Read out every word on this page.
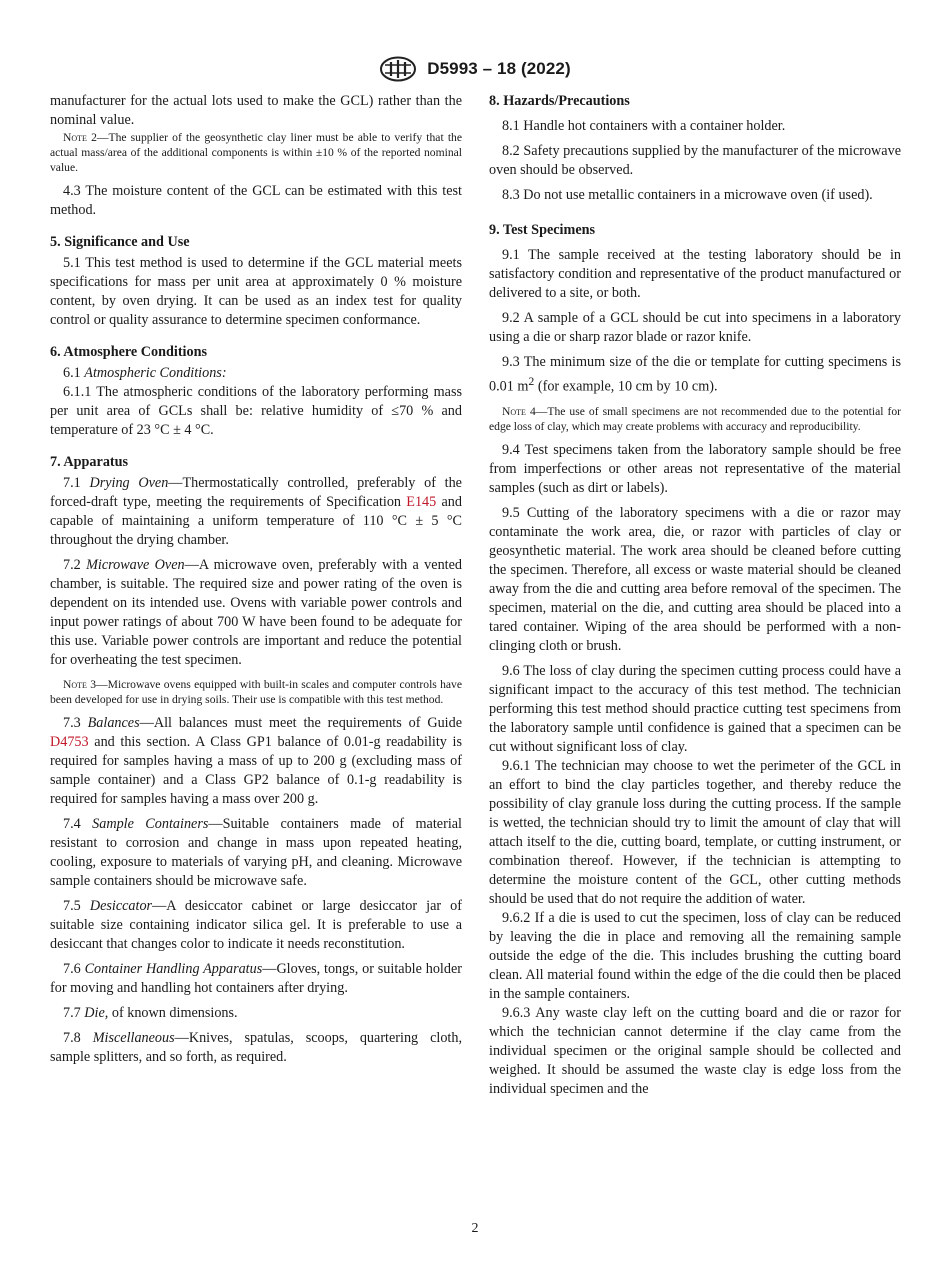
D5993 – 18 (2022)

manufacturer for the actual lots used to make the GCL) rather than the nominal value.

Note 2—The supplier of the geosynthetic clay liner must be able to verify that the actual mass/area of the additional components is within ±10 % of the reported nominal value.

4.3 The moisture content of the GCL can be estimated with this test method.

5. Significance and Use

5.1 This test method is used to determine if the GCL material meets specifications for mass per unit area at approximately 0 % moisture content, by oven drying. It can be used as an index test for quality control or quality assurance to determine specimen conformance.

6. Atmosphere Conditions

6.1 Atmospheric Conditions:

6.1.1 The atmospheric conditions of the laboratory performing mass per unit area of GCLs shall be: relative humidity of ≤70 % and temperature of 23 °C ± 4 °C.

7. Apparatus

7.1 Drying Oven—Thermostatically controlled, preferably of the forced-draft type, meeting the requirements of Specification E145 and capable of maintaining a uniform temperature of 110 °C ± 5 °C throughout the drying chamber.

7.2 Microwave Oven—A microwave oven, preferably with a vented chamber, is suitable. The required size and power rating of the oven is dependent on its intended use. Ovens with variable power controls and input power ratings of about 700 W have been found to be adequate for this use. Variable power controls are important and reduce the potential for overheating the test specimen.

Note 3—Microwave ovens equipped with built-in scales and computer controls have been developed for use in drying soils. Their use is compatible with this test method.

7.3 Balances—All balances must meet the requirements of Guide D4753 and this section. A Class GP1 balance of 0.01-g readability is required for samples having a mass of up to 200 g (excluding mass of sample container) and a Class GP2 balance of 0.1-g readability is required for samples having a mass over 200 g.

7.4 Sample Containers—Suitable containers made of material resistant to corrosion and change in mass upon repeated heating, cooling, exposure to materials of varying pH, and cleaning. Microwave sample containers should be microwave safe.

7.5 Desiccator—A desiccator cabinet or large desiccator jar of suitable size containing indicator silica gel. It is preferable to use a desiccant that changes color to indicate it needs reconstitution.

7.6 Container Handling Apparatus—Gloves, tongs, or suitable holder for moving and handling hot containers after drying.

7.7 Die, of known dimensions.

7.8 Miscellaneous—Knives, spatulas, scoops, quartering cloth, sample splitters, and so forth, as required.

8. Hazards/Precautions

8.1 Handle hot containers with a container holder.

8.2 Safety precautions supplied by the manufacturer of the microwave oven should be observed.

8.3 Do not use metallic containers in a microwave oven (if used).

9. Test Specimens

9.1 The sample received at the testing laboratory should be in satisfactory condition and representative of the product manufactured or delivered to a site, or both.

9.2 A sample of a GCL should be cut into specimens in a laboratory using a die or sharp razor blade or razor knife.

9.3 The minimum size of the die or template for cutting specimens is 0.01 $m^2$ (for example, 10 cm by 10 cm).

Note 4—The use of small specimens are not recommended due to the potential for edge loss of clay, which may create problems with accuracy and reproducibility.

9.4 Test specimens taken from the laboratory sample should be free from imperfections or other areas not representative of the material samples (such as dirt or labels).

9.5 Cutting of the laboratory specimens with a die or razor may contaminate the work area, die, or razor with particles of clay or geosynthetic material. The work area should be cleaned before cutting the specimen. Therefore, all excess or waste material should be cleaned away from the die and cutting area before removal of the specimen. The specimen, material on the die, and cutting area should be placed into a tared container. Wiping of the area should be performed with a non-clinging cloth or brush.

9.6 The loss of clay during the specimen cutting process could have a significant impact to the accuracy of this test method. The technician performing this test method should practice cutting test specimens from the laboratory sample until confidence is gained that a specimen can be cut without significant loss of clay.

9.6.1 The technician may choose to wet the perimeter of the GCL in an effort to bind the clay particles together, and thereby reduce the possibility of clay granule loss during the cutting process. If the sample is wetted, the technician should try to limit the amount of clay that will attach itself to the die, cutting board, template, or cutting instrument, or combination thereof. However, if the technician is attempting to determine the moisture content of the GCL, other cutting methods should be used that do not require the addition of water.

9.6.2 If a die is used to cut the specimen, loss of clay can be reduced by leaving the die in place and removing all the remaining sample outside the edge of the die. This includes brushing the cutting board clean. All material found within the edge of the die could then be placed in the sample containers.

9.6.3 Any waste clay left on the cutting board and die or razor for which the technician cannot determine if the clay came from the individual specimen or the original sample should be collected and weighed. It should be assumed the waste clay is edge loss from the individual specimen and the

2
